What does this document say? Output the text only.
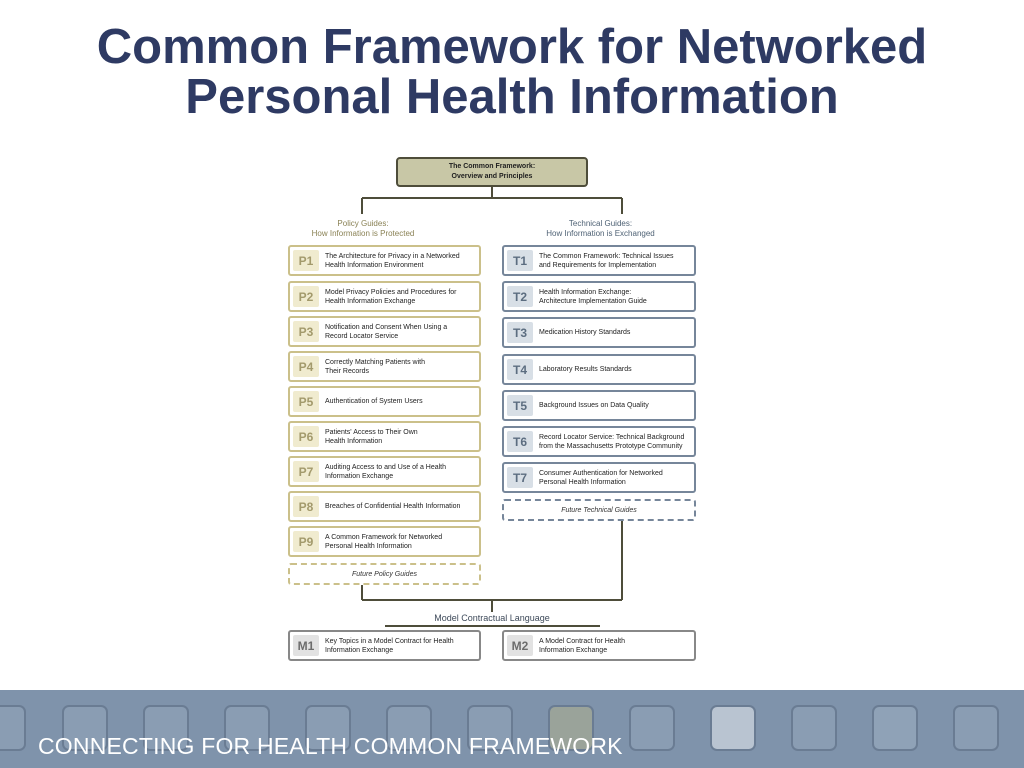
Common Framework for Networked
Personal Health Information
The Common Framework:
Overview and Principles
Policy Guides:
How Information is Protected
Technical Guides:
How Information is Exchanged
P1	The Architecture for Privacy in a Networked
Health Information Environment
P2	Model Privacy Policies and Procedures for
Health Information Exchange
P3	Notification and Consent When Using a
Record Locator Service
P4	Correctly Matching Patients with
Their Records
P5	Authentication of System Users
P6	Patients' Access to Their Own
Health Information
P7	Auditing Access to and Use of a Health
Information Exchange
P8	Breaches of Confidential Health Information
P9	A Common Framework for Networked
Personal Health Information
Future Policy Guides
T1	The Common Framework: Technical Issues
and Requirements for Implementation
T2	Health Information Exchange:
Architecture Implementation Guide
T3	Medication History Standards
T4	Laboratory Results Standards
T5	Background Issues on Data Quality
T6	Record Locator Service: Technical Background
from the Massachusetts Prototype Community
T7	Consumer Authentication for Networked
Personal Health Information
Future Technical Guides
Model Contractual Language
M1	Key Topics in a Model Contract for Health
Information Exchange	M2	A Model Contract for Health
Information Exchange
CONNECTING FOR HEALTH COMMON FRAMEWORK
